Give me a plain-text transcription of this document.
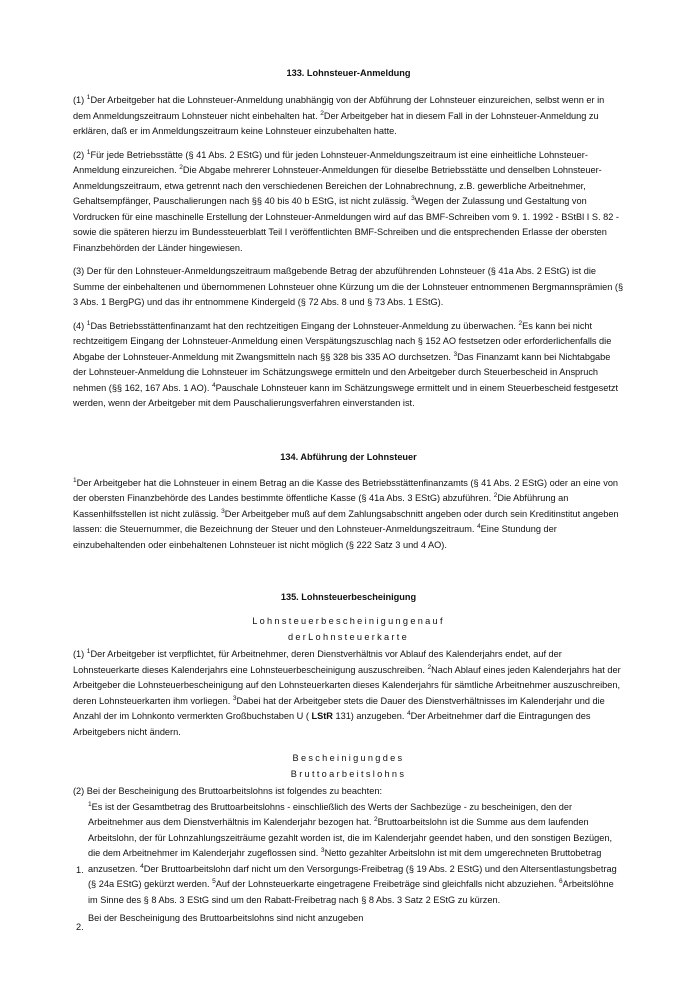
133. Lohnsteuer-Anmeldung

(1) $^1$Der Arbeitgeber hat die Lohnsteuer-Anmeldung unabhängig von der Abführung der Lohnsteuer einzureichen, selbst wenn er in dem Anmeldungszeitraum Lohnsteuer nicht einbehalten hat. $^2$Der Arbeitgeber hat in diesem Fall in der Lohnsteuer-Anmeldung zu erklären, daß er im Anmeldungszeitraum keine Lohnsteuer einzubehalten hatte.

(2) $^1$Für jede Betriebsstätte (§ 41 Abs. 2 EStG) und für jeden Lohnsteuer-Anmeldungszeitraum ist eine einheitliche Lohnsteuer-Anmeldung einzureichen. $^2$Die Abgabe mehrerer Lohnsteuer-Anmeldungen für dieselbe Betriebsstätte und denselben Lohnsteuer-Anmeldungszeitraum, etwa getrennt nach den verschiedenen Bereichen der Lohnabrechnung, z.B. gewerbliche Arbeitnehmer, Gehaltsempfänger, Pauschalierungen nach §§ 40 bis 40 b EStG, ist nicht zulässig. $^3$Wegen der Zulassung und Gestaltung von Vordrucken für eine maschinelle Erstellung der Lohnsteuer-Anmeldungen wird auf das BMF-Schreiben vom 9. 1. 1992 - BStBl I S. 82 - sowie die späteren hierzu im Bundessteuerblatt Teil I veröffentlichten BMF-Schreiben und die entsprechenden Erlasse der obersten Finanzbehörden der Länder hingewiesen.

(3) Der für den Lohnsteuer-Anmeldungszeitraum maßgebende Betrag der abzuführenden Lohnsteuer (§ 41a Abs. 2 EStG) ist die Summe der einbehaltenen und übernommenen Lohnsteuer ohne Kürzung um die der Lohnsteuer entnommenen Bergmannsprämien (§ 3 Abs. 1 BergPG) und das ihr entnommene Kindergeld (§ 72 Abs. 8 und § 73 Abs. 1 EStG).

(4) $^1$Das Betriebsstättenfinanzamt hat den rechtzeitigen Eingang der Lohnsteuer-Anmeldung zu überwachen. $^2$Es kann bei nicht rechtzeitigem Eingang der Lohnsteuer-Anmeldung einen Verspätungszuschlag nach § 152 AO festsetzen oder erforderlichenfalls die Abgabe der Lohnsteuer-Anmeldung mit Zwangsmitteln nach §§ 328 bis 335 AO durchsetzen. $^3$Das Finanzamt kann bei Nichtabgabe der Lohnsteuer-Anmeldung die Lohnsteuer im Schätzungswege ermitteln und den Arbeitgeber durch Steuerbescheid in Anspruch nehmen (§§ 162, 167 Abs. 1 AO). $^4$Pauschale Lohnsteuer kann im Schätzungswege ermittelt und in einem Steuerbescheid festgesetzt werden, wenn der Arbeitgeber mit dem Pauschalierungsverfahren einverstanden ist.

134. Abführung der Lohnsteuer

$^1$Der Arbeitgeber hat die Lohnsteuer in einem Betrag an die Kasse des Betriebsstättenfinanzamts (§ 41 Abs. 2 EStG) oder an eine von der obersten Finanzbehörde des Landes bestimmte öffentliche Kasse (§ 41a Abs. 3 EStG) abzuführen. $^2$Die Abführung an Kassenhilfsstellen ist nicht zulässig. $^3$Der Arbeitgeber muß auf dem Zahlungsabschnitt angeben oder durch sein Kreditinstitut angeben lassen: die Steuernummer, die Bezeichnung der Steuer und den Lohnsteuer-Anmeldungszeitraum. $^4$Eine Stundung der einzubehaltenden oder einbehaltenen Lohnsteuer ist nicht möglich (§ 222 Satz 3 und 4 AO).

135. Lohnsteuerbescheinigung
Lohnsteuerbescheinigungenauf
derLohnsteuerkarte

(1) $^1$Der Arbeitgeber ist verpflichtet, für Arbeitnehmer, deren Dienstverhältnis vor Ablauf des Kalenderjahrs endet, auf der Lohnsteuerkarte dieses Kalenderjahrs eine Lohnsteuerbescheinigung auszuschreiben. $^2$Nach Ablauf eines jeden Kalenderjahrs hat der Arbeitgeber die Lohnsteuerbescheinigung auf den Lohnsteuerkarten dieses Kalenderjahrs für sämtliche Arbeitnehmer auszuschreiben, deren Lohnsteuerkarten ihm vorliegen. $^3$Dabei hat der Arbeitgeber stets die Dauer des Dienstverhältnisses im Kalenderjahr und die Anzahl der im Lohnkonto vermerkten Großbuchstaben U ( LStR 131) anzugeben. $^4$Der Arbeitnehmer darf die Eintragungen des Arbeitgebers nicht ändern.

Bescheinigungdes
Bruttoarbeitslohns

(2) Bei der Bescheinigung des Bruttoarbeitslohns ist folgendes zu beachten:

1.

$^1$Es ist der Gesamtbetrag des Bruttoarbeitslohns - einschließlich des Werts der Sachbezüge - zu bescheinigen, den der Arbeitnehmer aus dem Dienstverhältnis im Kalenderjahr bezogen hat. $^2$Bruttoarbeitslohn ist die Summe aus dem laufenden Arbeitslohn, der für Lohnzahlungszeiträume gezahlt worden ist, die im Kalenderjahr geendet haben, und den sonstigen Bezügen, die dem Arbeitnehmer im Kalenderjahr zugeflossen sind. $^3$Netto gezahlter Arbeitslohn ist mit dem umgerechneten Bruttobetrag anzusetzen. $^4$Der Bruttoarbeitslohn darf nicht um den Versorgungs-Freibetrag (§ 19 Abs. 2 EStG) und den Altersentlastungsbetrag (§ 24a EStG) gekürzt werden. $^5$Auf der Lohnsteuerkarte eingetragene Freibeträge sind gleichfalls nicht abzuziehen. $^6$Arbeitslöhne im Sinne des § 8 Abs. 3 EStG sind um den Rabatt-Freibetrag nach § 8 Abs. 3 Satz 2 EStG zu kürzen.

2.

Bei der Bescheinigung des Bruttoarbeitslohns sind nicht anzugeben
